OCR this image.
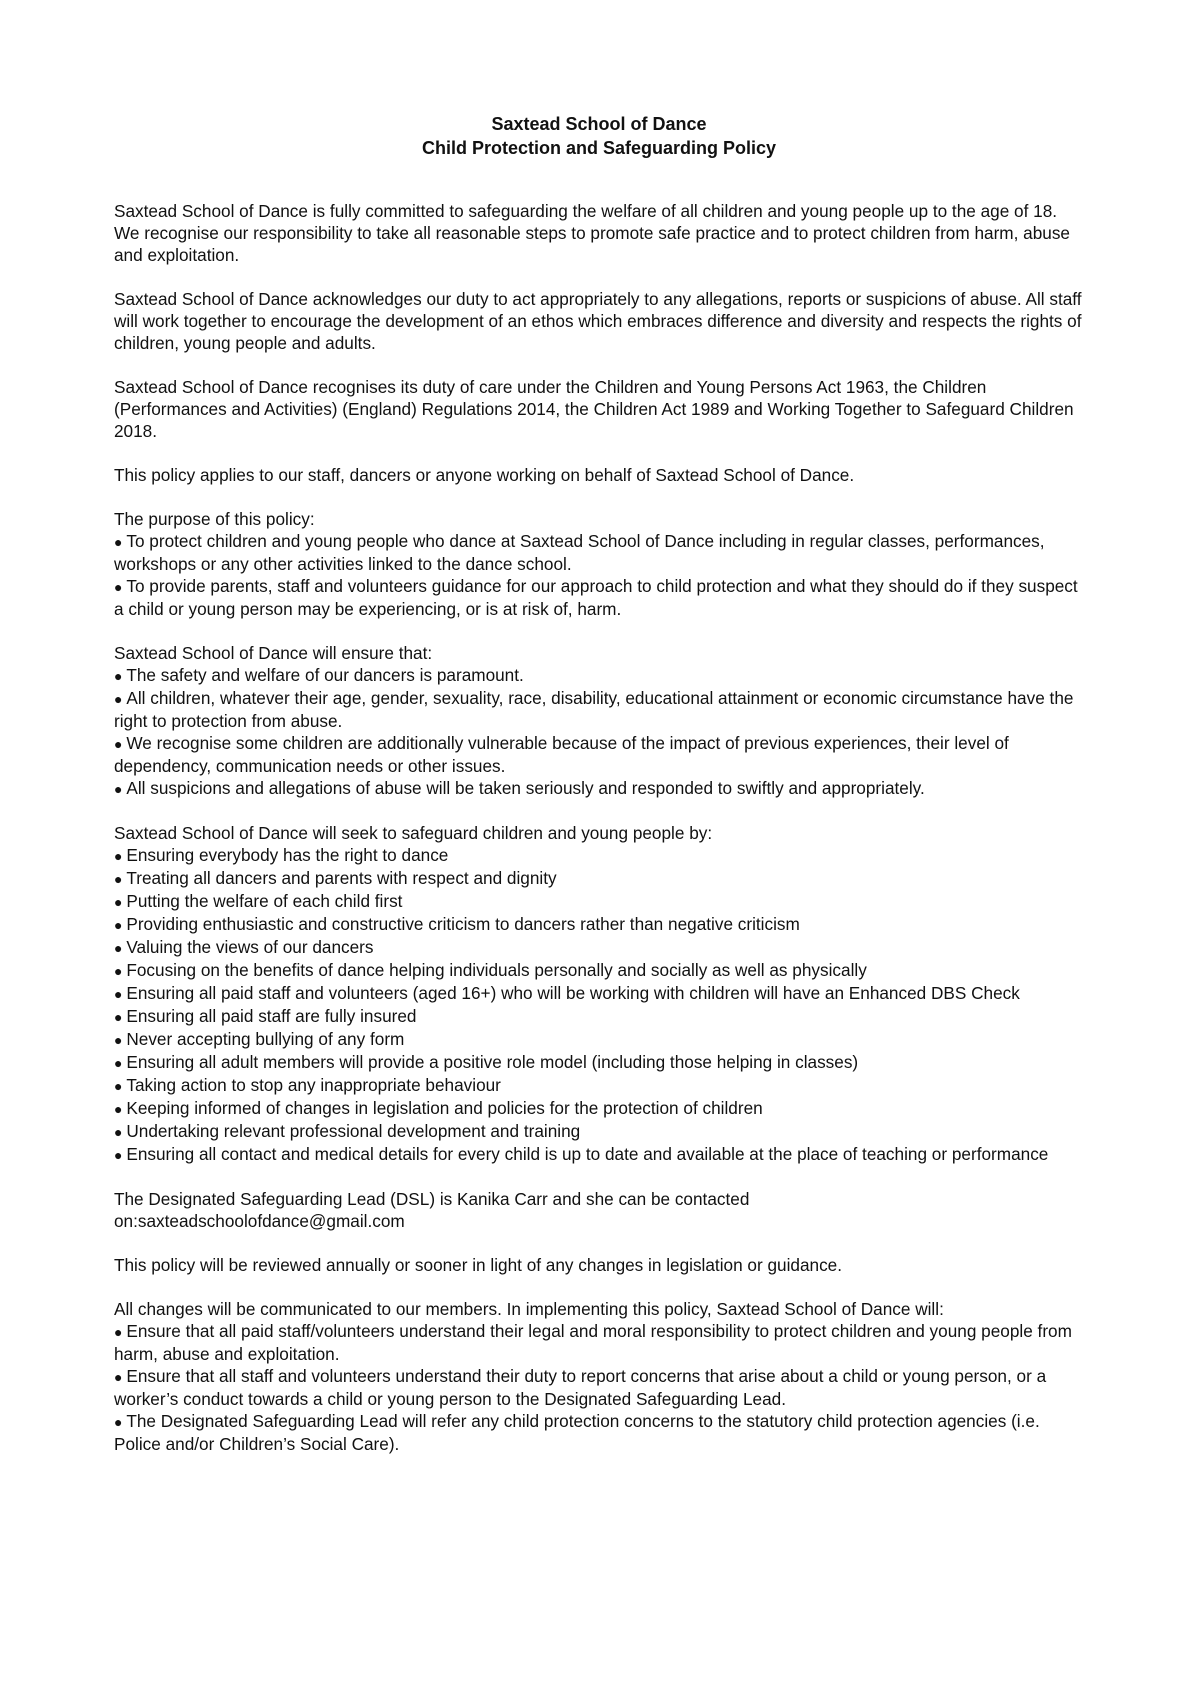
Saxtead School of Dance
Child Protection and Safeguarding Policy

Saxtead School of Dance is fully committed to safeguarding the welfare of all children and young people up to the age of 18. We recognise our responsibility to take all reasonable steps to promote safe practice and to protect children from harm, abuse and exploitation.

Saxtead School of Dance acknowledges our duty to act appropriately to any allegations, reports or suspicions of abuse. All staff will work together to encourage the development of an ethos which embraces difference and diversity and respects the rights of
children, young people and adults.

Saxtead School of Dance recognises its duty of care under the Children and Young Persons Act 1963, the Children (Performances and Activities) (England) Regulations 2014, the Children Act 1989 and Working Together to Safeguard Children 2018.

This policy applies to our staff, dancers or anyone working on behalf of Saxtead School of Dance.

The purpose of this policy:
● To protect children and young people who dance at Saxtead School of Dance including in regular classes, performances, workshops or any other activities linked to the dance school.
● To provide parents, staff and volunteers guidance for our approach to child protection and what they should do if they suspect a child or young person may be experiencing, or is at risk of, harm.

Saxtead School of Dance will ensure that:
● The safety and welfare of our dancers is paramount.
● All children, whatever their age, gender, sexuality, race, disability, educational attainment or economic circumstance have the right to protection from abuse.
● We recognise some children are additionally vulnerable because of the impact of previous experiences, their level of dependency, communication needs or other issues.
● All suspicions and allegations of abuse will be taken seriously and responded to swiftly and appropriately.

Saxtead School of Dance will seek to safeguard children and young people by:
● Ensuring everybody has the right to dance
● Treating all dancers and parents with respect and dignity
● Putting the welfare of each child first
● Providing enthusiastic and constructive criticism to dancers rather than negative criticism
● Valuing the views of our dancers
● Focusing on the benefits of dance helping individuals personally and socially as well as physically
● Ensuring all paid staff and volunteers (aged 16+) who will be working with children will have an Enhanced DBS Check
● Ensuring all paid staff are fully insured
● Never accepting bullying of any form
● Ensuring all adult members will provide a positive role model (including those helping in classes)
● Taking action to stop any inappropriate behaviour
● Keeping informed of changes in legislation and policies for the protection of children
● Undertaking relevant professional development and training
● Ensuring all contact and medical details for every child is up to date and available at the place of teaching or performance

The Designated Safeguarding Lead (DSL) is Kanika Carr and she can be contacted
on:saxteadschoolofdance@gmail.com

This policy will be reviewed annually or sooner in light of any changes in legislation or guidance.

All changes will be communicated to our members. In implementing this policy, Saxtead School of Dance will:
● Ensure that all paid staff/volunteers understand their legal and moral responsibility to protect children and young people from harm, abuse and exploitation.
● Ensure that all staff and volunteers understand their duty to report concerns that arise about a child or young person, or a worker’s conduct towards a child or young person to the Designated Safeguarding Lead.
● The Designated Safeguarding Lead will refer any child protection concerns to the statutory child protection agencies (i.e. Police and/or Children’s Social Care).
